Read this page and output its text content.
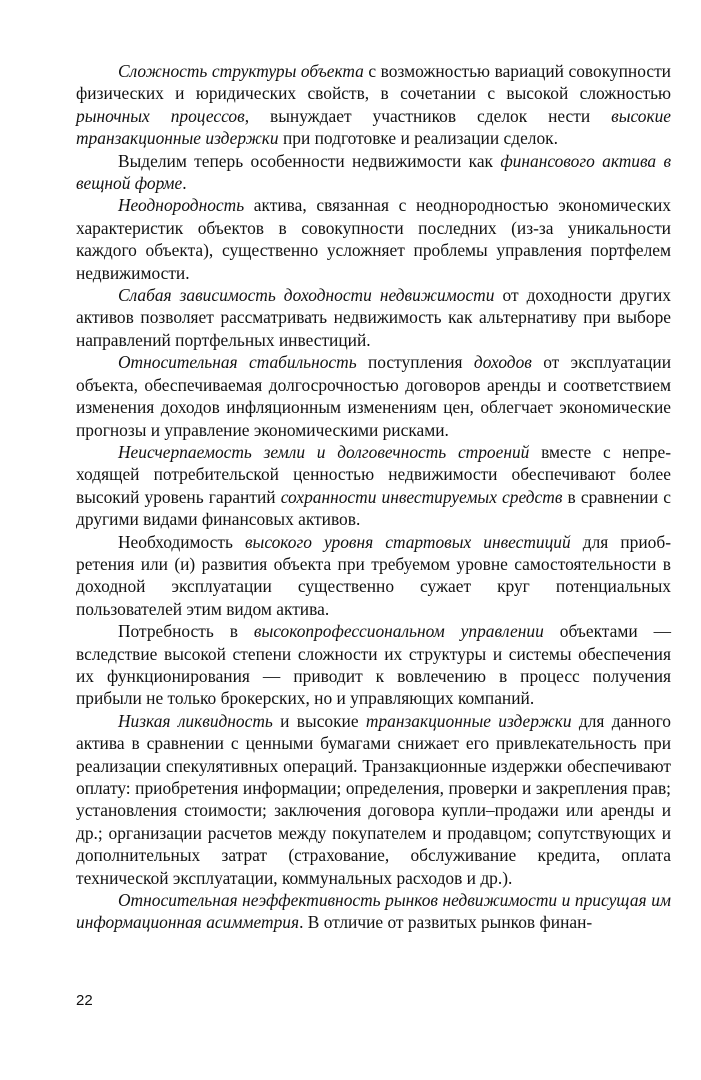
Сложность структуры объекта с возможностью вариаций совокупности физических и юридических свойств, в сочетании с высокой сложностью рыночных процессов, вынуждает участников сделок нести высокие транзакционные издержки при подготовке и реализации сделок.

Выделим теперь особенности недвижимости как финансового актива в вещной форме.

Неоднородность актива, связанная с неоднородностью экономических характеристик объектов в совокупности последних (из-за уникальности каждого объекта), существенно усложняет проблемы управления портфелем недвижимости.

Слабая зависимость доходности недвижимости от доходности других активов позволяет рассматривать недвижимость как альтернативу при выборе направлений портфельных инвестиций.

Относительная стабильность поступления доходов от эксплуатации объекта, обеспечиваемая долгосрочностью договоров аренды и соответствием изменения доходов инфляционным изменениям цен, облегчает экономические прогнозы и управление экономическими рисками.

Неисчерпаемость земли и долговечность строений вместе с непреходящей потребительской ценностью недвижимости обеспечивают более высокий уровень гарантий сохранности инвестируемых средств в сравнении с другими видами финансовых активов.

Необходимость высокого уровня стартовых инвестиций для приобретения или (и) развития объекта при требуемом уровне самостоятельности в доходной эксплуатации существенно сужает круг потенциальных пользователей этим видом актива.

Потребность в высокопрофессиональном управлении объектами — вследствие высокой степени сложности их структуры и системы обеспечения их функционирования — приводит к вовлечению в процесс получения прибыли не только брокерских, но и управляющих компаний.

Низкая ликвидность и высокие транзакционные издержки для данного актива в сравнении с ценными бумагами снижает его привлекательность при реализации спекулятивных операций. Транзакционные издержки обеспечивают оплату: приобретения информации; определения, проверки и закрепления прав; установления стоимости; заключения договора купли–продажи или аренды и др.; организации расчетов между покупателем и продавцом; сопутствующих и дополнительных затрат (страхование, обслуживание кредита, оплата технической эксплуатации, коммунальных расходов и др.).

Относительная неэффективность рынков недвижимости и присущая им информационная асимметрия. В отличие от развитых рынков финан-

22
